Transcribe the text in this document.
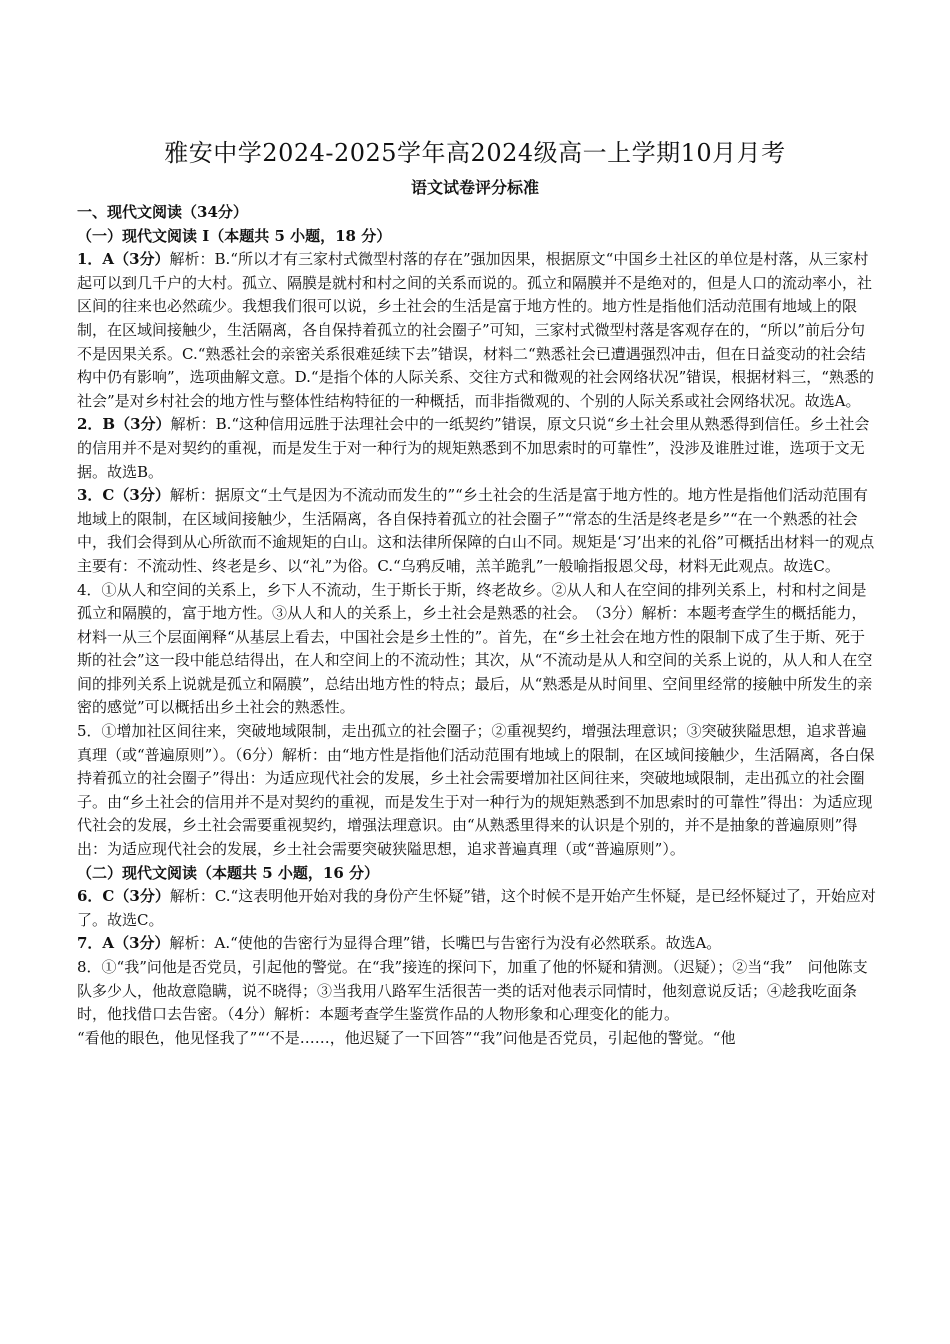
雅安中学2024-2025学年高2024级高一上学期10月月考
语文试卷评分标准

一、现代文阅读（34分）

（一）现代文阅读 I（本题共 5 小题，18 分）

1．A（3分）解析：B.“所以才有三家村式微型村落的存在”强加因果，根据原文“中国乡土社区的单位是村落，从三家村起可以到几千户的大村。孤立、隔膜是就村和村之间的关系而说的。孤立和隔膜并不是绝对的，但是人口的流动率小，社区间的往来也必然疏少。我想我们很可以说，乡土社会的生活是富于地方性的。地方性是指他们活动范围有地域上的限制，在区域间接触少，生活隔离，各自保持着孤立的社会圈子”可知，三家村式微型村落是客观存在的，“所以”前后分句不是因果关系。C.“熟悉社会的亲密关系很难延续下去”错误，材料二“熟悉社会已遭遇强烈冲击，但在日益变动的社会结构中仍有影响”，选项曲解文意。D.“是指个体的人际关系、交往方式和微观的社会网络状况”错误，根据材料三，“熟悉的社会”是对乡村社会的地方性与整体性结构特征的一种概括，而非指微观的、个别的人际关系或社会网络状况。故选A。

2．B（3分）解析：B.“这种信用远胜于法理社会中的一纸契约”错误，原文只说“乡土社会里从熟悉得到信任。乡土社会的信用并不是对契约的重视，而是发生于对一种行为的规矩熟悉到不加思索时的可靠性”，没涉及谁胜过谁，选项于文无据。故选B。

3．C（3分）解析：据原文“土气是因为不流动而发生的”“乡土社会的生活是富于地方性的。地方性是指他们活动范围有地域上的限制，在区域间接触少，生活隔离，各自保持着孤立的社会圈子”“常态的生活是终老是乡”“在一个熟悉的社会中，我们会得到从心所欲而不逾规矩的白山。这和法律所保障的白山不同。规矩是‘习’出来的礼俗”可概括出材料一的观点主要有：不流动性、终老是乡、以“礼”为俗。C.“乌鸦反哺，羔羊跪乳”一般喻指报恩父母，材料无此观点。故选C。

4．①从人和空间的关系上，乡下人不流动，生于斯长于斯，终老故乡。②从人和人在空间的排列关系上，村和村之间是孤立和隔膜的，富于地方性。③从人和人的关系上，乡土社会是熟悉的社会。　（3分）解析：本题考查学生的概括能力，材料一从三个层面阐释“从基层上看去，中国社会是乡土性的”。首先，在“乡土社会在地方性的限制下成了生于斯、死于斯的社会”这一段中能总结得出，在人和空间上的不流动性；其次，从“不流动是从人和空间的关系上说的，从人和人在空间的排列关系上说就是孤立和隔膜”，总结出地方性的特点；最后，从“熟悉是从时间里、空间里经常的接触中所发生的亲密的感觉”可以概括出乡土社会的熟悉性。

5．①增加社区间往来，突破地域限制，走出孤立的社会圈子；②重视契约，增强法理意识；③突破狭隘思想，追求普遍真理（或“普遍原则”）。（6分）解析：由“地方性是指他们活动范围有地域上的限制，在区域间接触少，生活隔离，各白保持着孤立的社会圈子”得出：为适应现代社会的发展，乡土社会需要增加社区间往来，突破地域限制，走出孤立的社会圈子。由“乡土社会的信用并不是对契约的重视，而是发生于对一种行为的规矩熟悉到不加思索时的可靠性”得出：为适应现代社会的发展，乡土社会需要重视契约，增强法理意识。由“从熟悉里得来的认识是个别的，并不是抽象的普遍原则”得出：为适应现代社会的发展，乡土社会需要突破狭隘思想，追求普遍真理（或“普遍原则”）。

（二）现代文阅读（本题共 5 小题，16 分）

6．C（3分）解析：C.“这表明他开始对我的身份产生怀疑”错，这个时候不是开始产生怀疑，是已经怀疑过了，开始应对了。故选C。

7．A（3分）解析：A.“使他的告密行为显得合理”错，长嘴巴与告密行为没有必然联系。故选A。

8．①“我”问他是否党员，引起他的警觉。在“我”接连的探问下，加重了他的怀疑和猜测。（迟疑）；②当“我”　问他陈支队多少人，他故意隐瞒，说不晓得；③当我用八路军生活很苦一类的话对他表示同情时，他刻意说反话；④趁我吃面条时，他找借口去告密。（4分）解析：本题考查学生鉴赏作品的人物形象和心理变化的能力。

“看他的眼色，他见怪我了”“‘不是……，他迟疑了一下回答”“我”问他是否党员，引起他的警觉。“他
